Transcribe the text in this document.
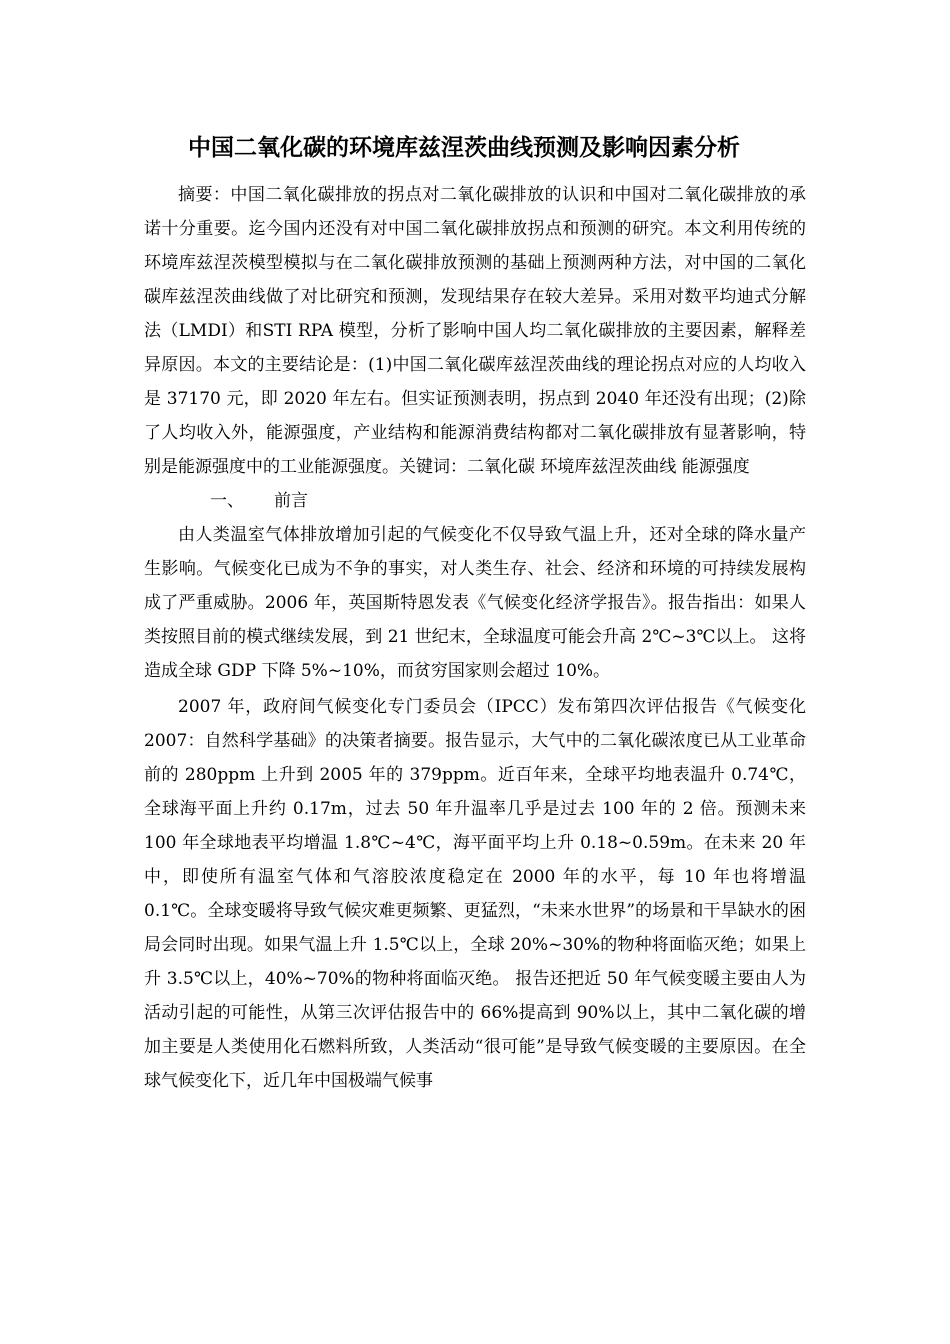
中国二氧化碳的环境库兹涅茨曲线预测及影响因素分析

摘要：中国二氧化碳排放的拐点对二氧化碳排放的认识和中国对二氧化碳排放的承诺十分重要。迄今国内还没有对中国二氧化碳排放拐点和预测的研究。本文利用传统的环境库兹涅茨模型模拟与在二氧化碳排放预测的基础上预测两种方法，对中国的二氧化碳库兹涅茨曲线做了对比研究和预测，发现结果存在较大差异。采用对数平均迪式分解法（LMDI）和STI RPA 模型，分析了影响中国人均二氧化碳排放的主要因素，解释差异原因。本文的主要结论是：(1)中国二氧化碳库兹涅茨曲线的理论拐点对应的人均收入是 37170 元，即 2020 年左右。但实证预测表明，拐点到 2040 年还没有出现；(2)除了人均收入外，能源强度，产业结构和能源消费结构都对二氧化碳排放有显著影响，特别是能源强度中的工业能源强度。关键词：二氧化碳 环境库兹涅茨曲线 能源强度

一、 前言

由人类温室气体排放增加引起的气候变化不仅导致气温上升，还对全球的降水量产生影响。气候变化已成为不争的事实，对人类生存、社会、经济和环境的可持续发展构成了严重威胁。2006 年，英国斯特恩发表《气候变化经济学报告》。报告指出：如果人类按照目前的模式继续发展，到 21 世纪末，全球温度可能会升高 2℃~3℃以上。 这将造成全球 GDP 下降 5%~10%，而贫穷国家则会超过 10%。

2007 年，政府间气候变化专门委员会（IPCC）发布第四次评估报告《气候变化 2007：自然科学基础》的决策者摘要。报告显示，大气中的二氧化碳浓度已从工业革命前的 280ppm 上升到 2005 年的 379ppm。近百年来，全球平均地表温升 0.74℃，全球海平面上升约 0.17m，过去 50 年升温率几乎是过去 100 年的 2 倍。预测未来 100 年全球地表平均增温 1.8℃~4℃，海平面平均上升 0.18~0.59m。在未来 20 年中，即使所有温室气体和气溶胶浓度稳定在 2000 年的水平，每 10 年也将增温 0.1℃。全球变暖将导致气候灾难更频繁、更猛烈，“未来水世界”的场景和干旱缺水的困局会同时出现。如果气温上升 1.5℃以上，全球 20%~30%的物种将面临灭绝；如果上升 3.5℃以上，40%~70%的物种将面临灭绝。 报告还把近 50 年气候变暖主要由人为活动引起的可能性，从第三次评估报告中的 66%提高到 90%以上，其中二氧化碳的增加主要是人类使用化石燃料所致，人类活动“很可能”是导致气候变暖的主要原因。在全球气候变化下，近几年中国极端气候事
